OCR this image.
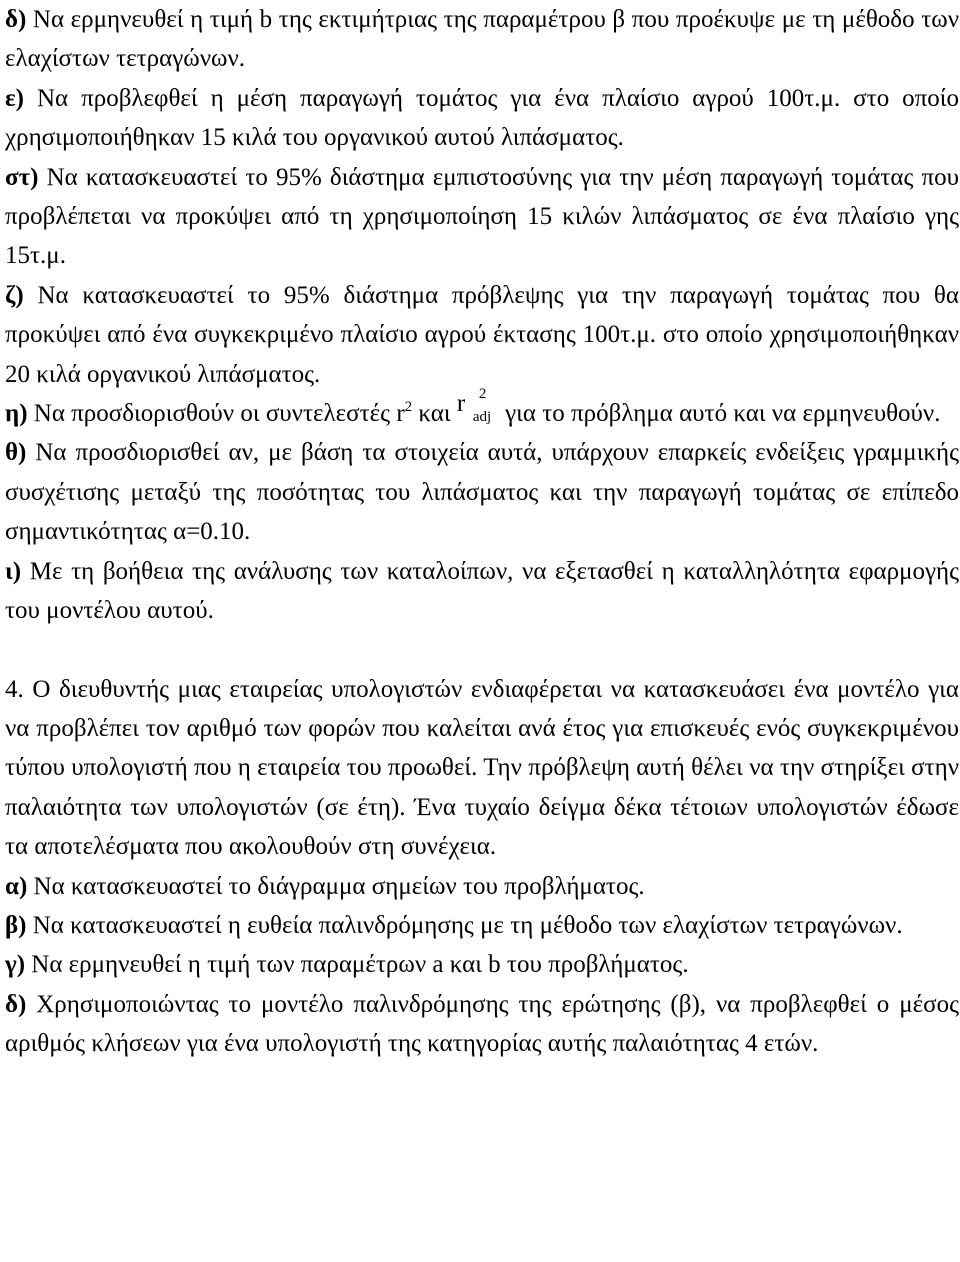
δ) Να ερμηνευθεί η τιμή b της εκτιμήτριας της παραμέτρου β που προέκυψε με τη μέθοδο των ελαχίστων τετραγώνων.

ε) Να προβλεφθεί η μέση παραγωγή τομάτος για ένα πλαίσιο αγρού 100τ.μ. στο οποίο χρησιμοποιήθηκαν 15 κιλά του οργανικού αυτού λιπάσματος.

στ) Να κατασκευαστεί το 95% διάστημα εμπιστοσύνης για την μέση παραγωγή τομάτας που προβλέπεται να προκύψει από τη χρησιμοποίηση 15 κιλών λιπάσματος σε ένα πλαίσιο γης 15τ.μ.

ζ) Να κατασκευαστεί το 95% διάστημα πρόβλεψης για την παραγωγή τομάτας που θα προκύψει από ένα συγκεκριμένο πλαίσιο αγρού έκτασης 100τ.μ. στο οποίο χρησιμοποιήθηκαν 20 κιλά οργανικού λιπάσματος.

η) Να προσδιορισθούν οι συντελεστές $r^2$ και r 2
adj για το πρόβλημα αυτό και να ερμηνευθούν.

θ) Να προσδιορισθεί αν, με βάση τα στοιχεία αυτά, υπάρχουν επαρκείς ενδείξεις γραμμικής συσχέτισης μεταξύ της ποσότητας του λιπάσματος και την παραγωγή τομάτας σε επίπεδο σημαντικότητας α=0.10.

ι) Με τη βοήθεια της ανάλυσης των καταλοίπων, να εξετασθεί η καταλληλότητα εφαρμογής του μοντέλου αυτού.

4. Ο διευθυντής μιας εταιρείας υπολογιστών ενδιαφέρεται να κατασκευάσει ένα μοντέλο για να προβλέπει τον αριθμό των φορών που καλείται ανά έτος για επισκευές ενός συγκεκριμένου τύπου υπολογιστή που η εταιρεία του προωθεί. Την πρόβλεψη αυτή θέλει να την στηρίξει στην παλαιότητα των υπολογιστών (σε έτη). Ένα τυχαίο δείγμα δέκα τέτοιων υπολογιστών έδωσε τα αποτελέσματα που ακολουθούν στη συνέχεια.

α) Να κατασκευαστεί το διάγραμμα σημείων του προβλήματος.

β) Να κατασκευαστεί η ευθεία παλινδρόμησης με τη μέθοδο των ελαχίστων τετραγώνων.

γ) Να ερμηνευθεί η τιμή των παραμέτρων a και b του προβλήματος.

δ) Χρησιμοποιώντας το μοντέλο παλινδρόμησης της ερώτησης (β), να προβλεφθεί ο μέσος αριθμός κλήσεων για ένα υπολογιστή της κατηγορίας αυτής παλαιότητας 4 ετών.
